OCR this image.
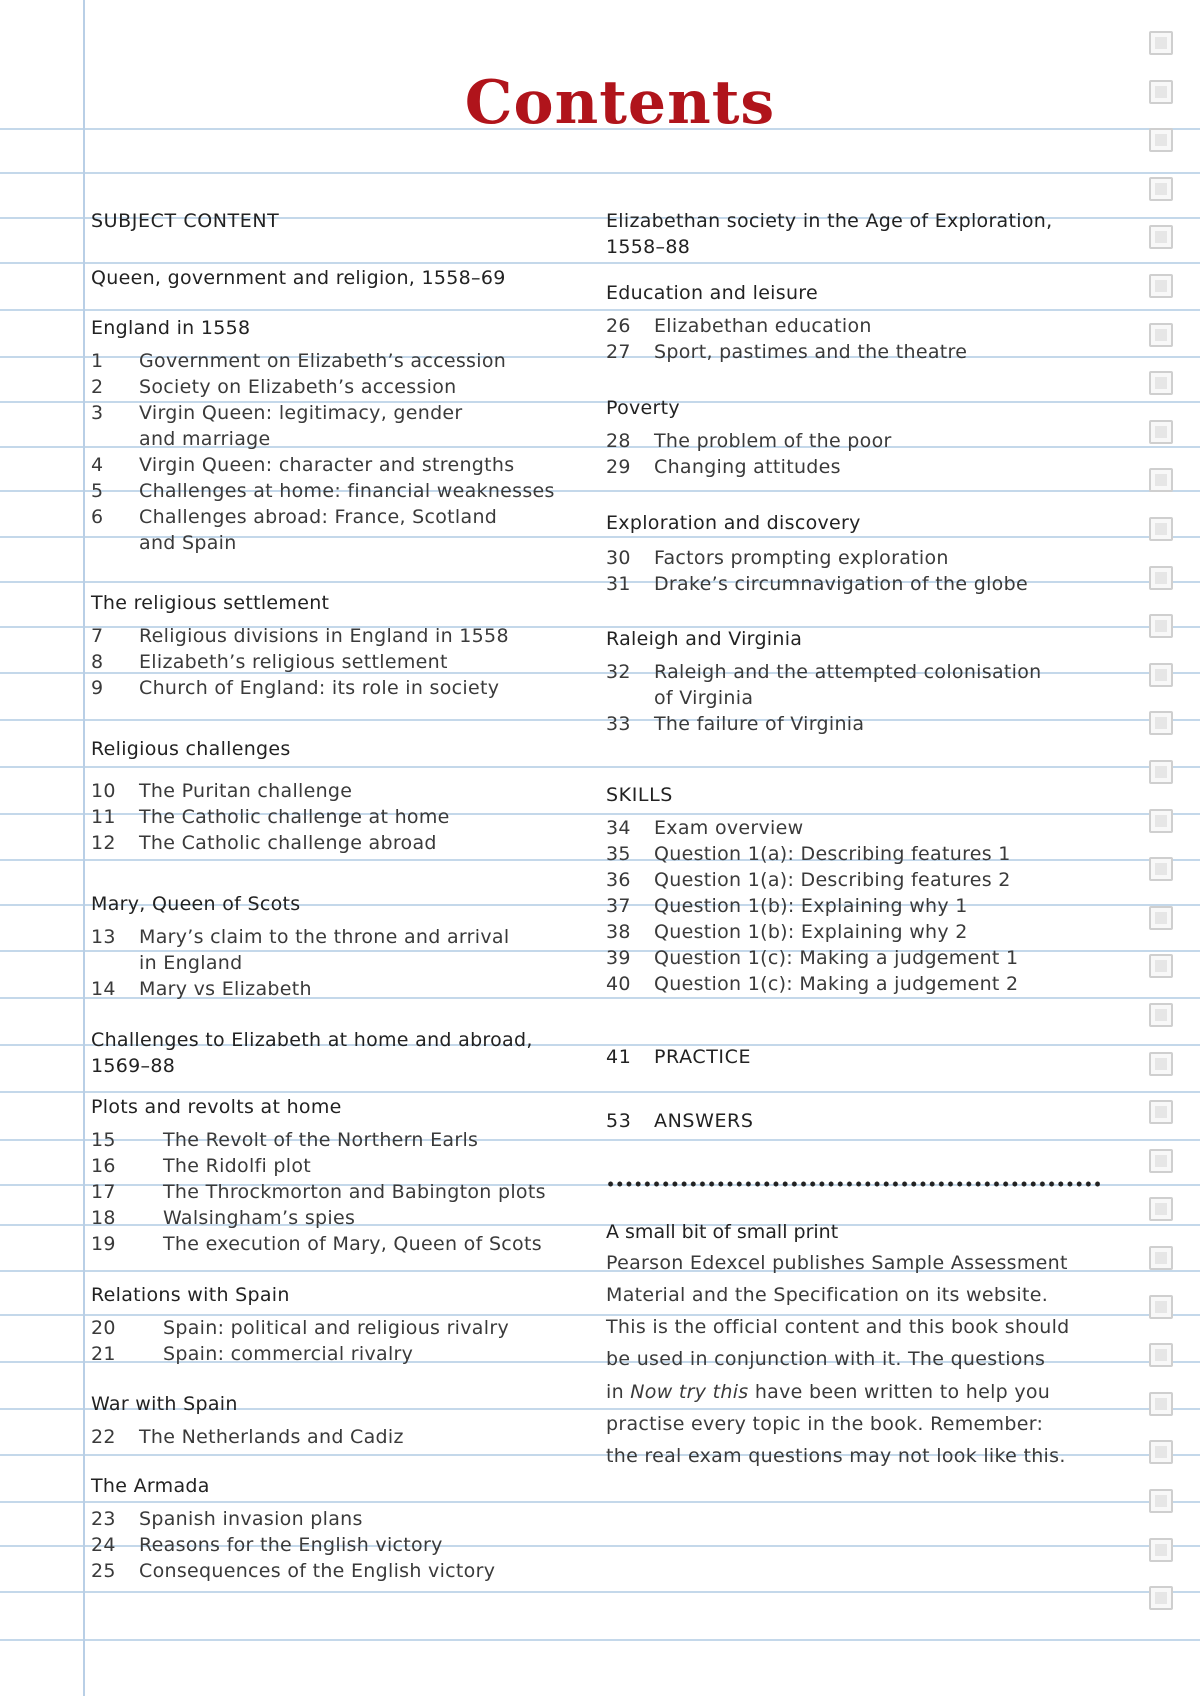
Contents

SUBJECT CONTENT

Queen, government and religion, 1558–69

England in 1558

1 Government on Elizabeth’s accession
2 Society on Elizabeth’s accession
3 Virgin Queen: legitimacy, gender
and marriage
4 Virgin Queen: character and strengths
5 Challenges at home: financial weaknesses
6 Challenges abroad: France, Scotland
and Spain

The religious settlement

7 Religious divisions in England in 1558
8 Elizabeth’s religious settlement
9 Church of England: its role in society

Religious challenges

10 The Puritan challenge
11 The Catholic challenge at home
12 The Catholic challenge abroad

Mary, Queen of Scots

13 Mary’s claim to the throne and arrival
in England
14 Mary vs Elizabeth

Challenges to Elizabeth at home and abroad,

1569–88

Plots and revolts at home

15 The Revolt of the Northern Earls
16 The Ridolfi plot
17 The Throckmorton and Babington plots
18 Walsingham’s spies
19 The execution of Mary, Queen of Scots

Relations with Spain

20 Spain: political and religious rivalry
21 Spain: commercial rivalry

War with Spain

22 The Netherlands and Cadiz

The Armada

23 Spanish invasion plans
24 Reasons for the English victory
25 Consequences of the English victory

Elizabethan society in the Age of Exploration,

1558–88

Education and leisure

26 Elizabethan education
27 Sport, pastimes and the theatre

Poverty

28 The problem of the poor
29 Changing attitudes

Exploration and discovery

30 Factors prompting exploration
31 Drake’s circumnavigation of the globe

Raleigh and Virginia

32 Raleigh and the attempted colonisation
of Virginia
33 The failure of Virginia

SKILLS

34 Exam overview
35 Question 1(a): Describing features 1
36 Question 1(a): Describing features 2
37 Question 1(b): Explaining why 1
38 Question 1(b): Explaining why 2
39 Question 1(c): Making a judgement 1
40 Question 1(c): Making a judgement 2
41 PRACTICE
53 ANSWERS

A small bit of small print

Pearson Edexcel publishes Sample Assessment

Material and the Specification on its website.

This is the official content and this book should

be used in conjunction with it. The questions

in Now try this have been written to help you

practise every topic in the book. Remember:

the real exam questions may not look like this.
